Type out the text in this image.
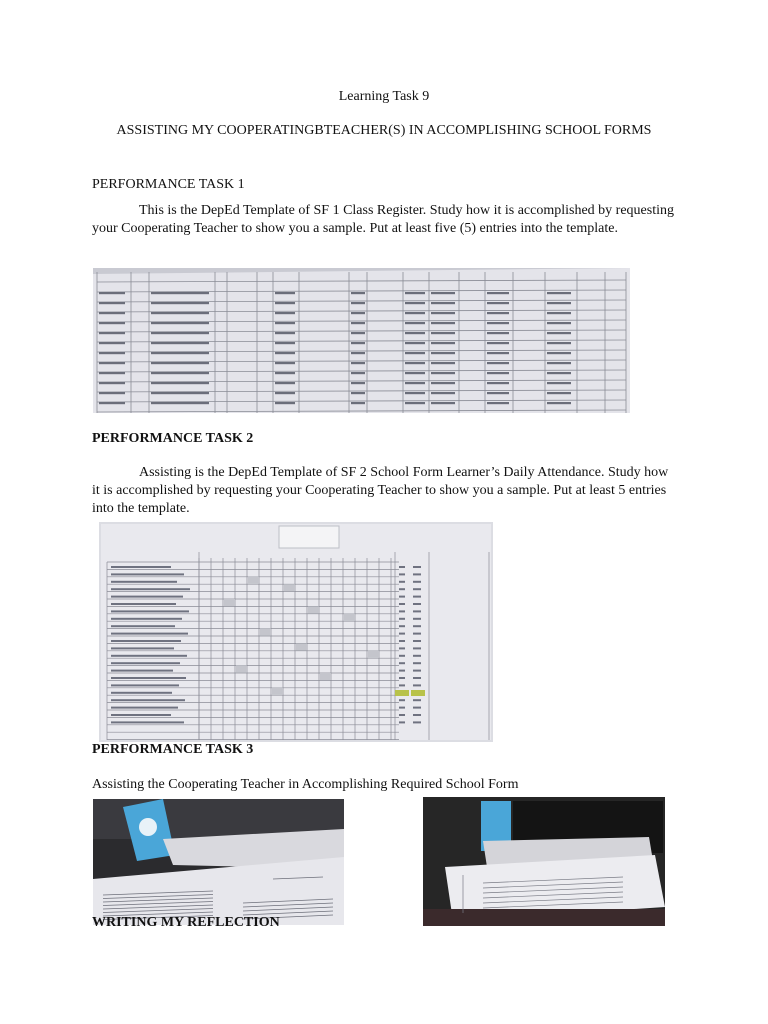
Learning Task 9

ASSISTING MY COOPERATINGBTEACHER(S) IN ACCOMPLISHING SCHOOL FORMS

PERFORMANCE TASK 1

This is the DepEd Template of SF 1 Class Register. Study how it is accomplished by requesting your Cooperating Teacher to show you a sample. Put at least five (5) entries into the template.

PERFORMANCE TASK 2

Assisting is the DepEd Template of SF 2 School Form Learner’s Daily Attendance. Study how it is accomplished by requesting your Cooperating Teacher to show you a sample. Put at least 5 entries into the template.

PERFORMANCE TASK 3

Assisting the Cooperating Teacher in Accomplishing Required School Form

WRITING MY REFLECTION
